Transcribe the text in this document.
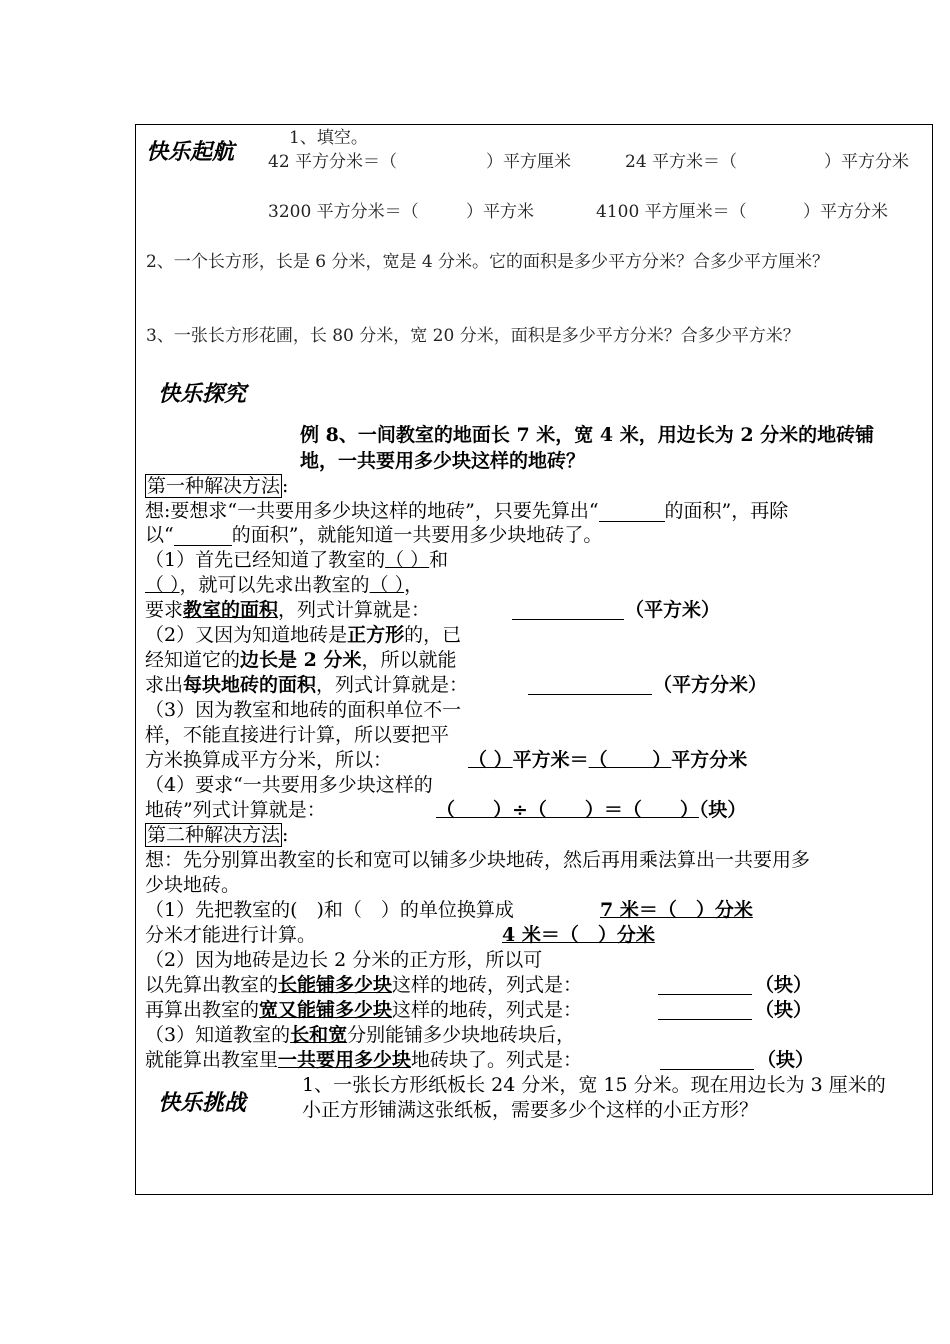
快乐起航
1、填空。
42 平方分米＝（	）平方厘米	24 平方米＝（	）平方分米
3200 平方分米＝（	）平方米	4100 平方厘米＝（	）平方分米
2、一个长方形，长是 6 分米，宽是 4 分米。它的面积是多少平方分米？合多少平方厘米？
3、一张长方形花圃，长 80 分米，宽 20 分米，面积是多少平方分米？合多少平方米？
快乐探究
例 8、一间教室的地面长 7 米，宽 4 米，用边长为 2 分米的地砖铺
地，一共要用多少块这样的地砖？
第一种解决方法 :
想:要想求“一共要用多少块这样的地砖”，只要先算出“	的面积”，再除
以“	的面积”，就能知道一共要用多少块地砖了。
（1）首先已经知道了教室的（ ）和
（ ），就可以先求出教室的（ ），
要求教室的面积，列式计算就是：	（平方米）
（2）又因为知道地砖是正方形的，已
经知道它的边长是 2 分米，所以就能
求出每块地砖的面积，列式计算就是：	（平方分米）
（3）因为教室和地砖的面积单位不一
样，不能直接进行计算，所以要把平
方米换算成平方分米，所以：	（ ）平方米＝（　　 ）平方分米
（4）要求“一共要用多少块这样的
地砖”列式计算就是：	（　　）÷（　　）＝（　　）（块）
第二种解决方法 :
想：先分别算出教室的长和宽可以铺多少块地砖，然后再用乘法算出一共要用多
少块地砖。
（1）先把教室的(　)和（　）的单位换算成	7 米＝（　）分米
分米才能进行计算。	4 米＝（　）分米
（2）因为地砖是边长 2 分米的正方形，所以可
以先算出教室的长能铺多少块这样的地砖，列式是：	（块）
再算出教室的宽又能铺多少块这样的地砖，列式是：	（块）
（3）知道教室的长和宽分别能铺多少块地砖块后，
就能算出教室里一共要用多少块地砖块了。列式是：	（块）
快乐挑战
1、一张长方形纸板长 24 分米，宽 15 分米。现在用边长为 3 厘米的
小正方形铺满这张纸板，需要多少个这样的小正方形？
